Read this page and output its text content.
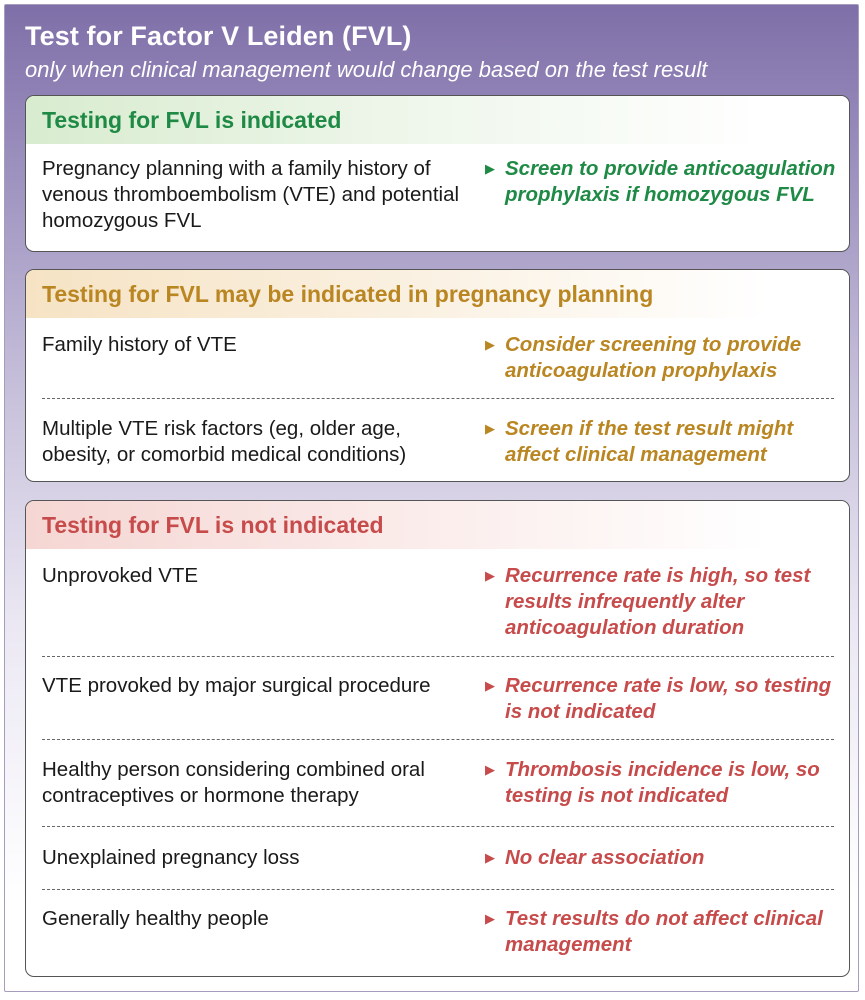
Test for Factor V Leiden (FVL)
only when clinical management would change based on the test result
Testing for FVL is indicated
Pregnancy planning with a family history of venous thromboembolism (VTE) and potential homozygous FVL
▶ Screen to provide anticoagulation prophylaxis if homozygous FVL
Testing for FVL may be indicated in pregnancy planning
Family history of VTE	▶ Consider screening to provide anticoagulation prophylaxis
Multiple VTE risk factors (eg, older age, obesity, or comorbid medical conditions)
▶ Screen if the test result might affect clinical management
Testing for FVL is not indicated
Unprovoked VTE	▶ Recurrence rate is high, so test results infrequently alter anticoagulation duration
VTE provoked by major surgical procedure	▶ Recurrence rate is low, so testing is not indicated
Healthy person considering combined oral contraceptives or hormone therapy
▶ Thrombosis incidence is low, so testing is not indicated
Unexplained pregnancy loss	▶ No clear association
Generally healthy people	▶ Test results do not affect clinical management
